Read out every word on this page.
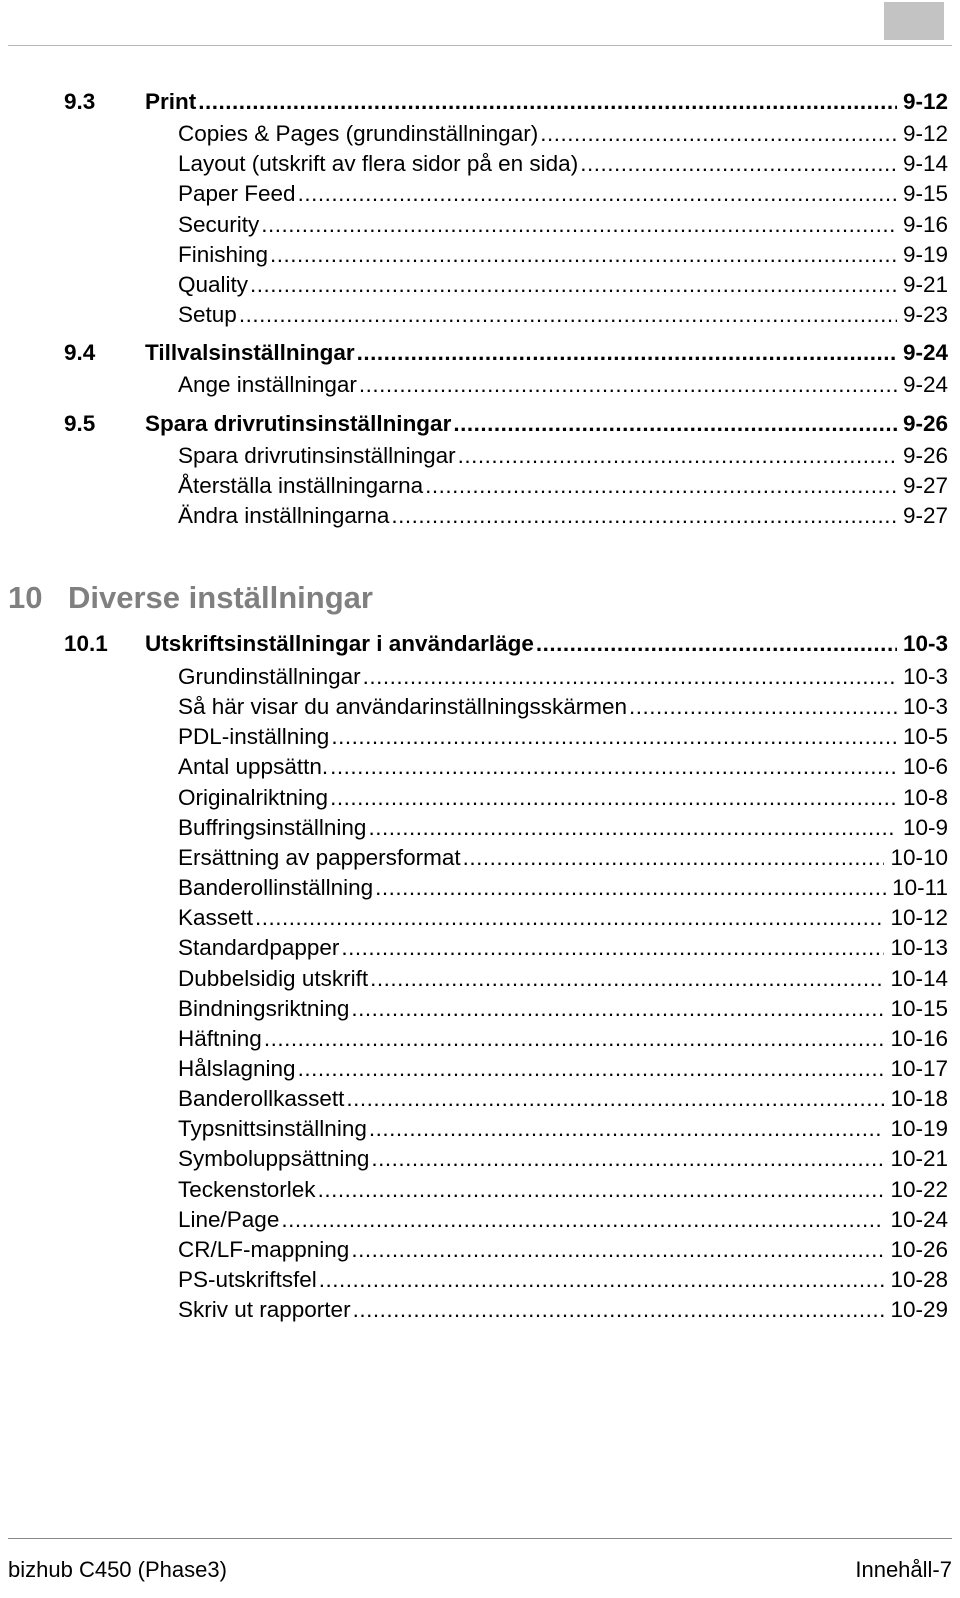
9.3 Print .....	9-12
Copies & Pages (grundinställningar) .....	9-12
Layout (utskrift av flera sidor på en sida) .....	9-14
Paper Feed .....	9-15
Security .....	9-16
Finishing .....	9-19
Quality .....	9-21
Setup .....	9-23
9.4 Tillvalsinställningar .....	9-24
Ange inställningar .....	9-24
9.5 Spara drivrutinsinställningar .....	9-26
Spara drivrutinsinställningar .....	9-26
Återställa inställningarna .....	9-27
Ändra inställningarna .....	9-27
10.1 Utskriftsinställningar i användarläge .....	10-3
Grundinställningar .....	10-3
Så här visar du användarinställningsskärmen .....	10-3
PDL-inställning .....	10-5
Antal uppsättn. .....	10-6
Originalriktning .....	10-8
Buffringsinställning .....	10-9
Ersättning av pappersformat .....	10-10
Banderollinställning .....	10-11
Kassett .....	10-12
Standardpapper .....	10-13
Dubbelsidig utskrift .....	10-14
Bindningsriktning .....	10-15
Häftning .....	10-16
Hålslagning .....	10-17
Banderollkassett .....	10-18
Typsnittsinställning .....	10-19
Symboluppsättning .....	10-21
Teckenstorlek .....	10-22
Line/Page .....	10-24
CR/LF-mappning .....	10-26
PS-utskriftsfel .....	10-28
Skriv ut rapporter .....	10-29
10 Diverse inställningar
bizhub C450 (Phase3)	Innehåll-7
